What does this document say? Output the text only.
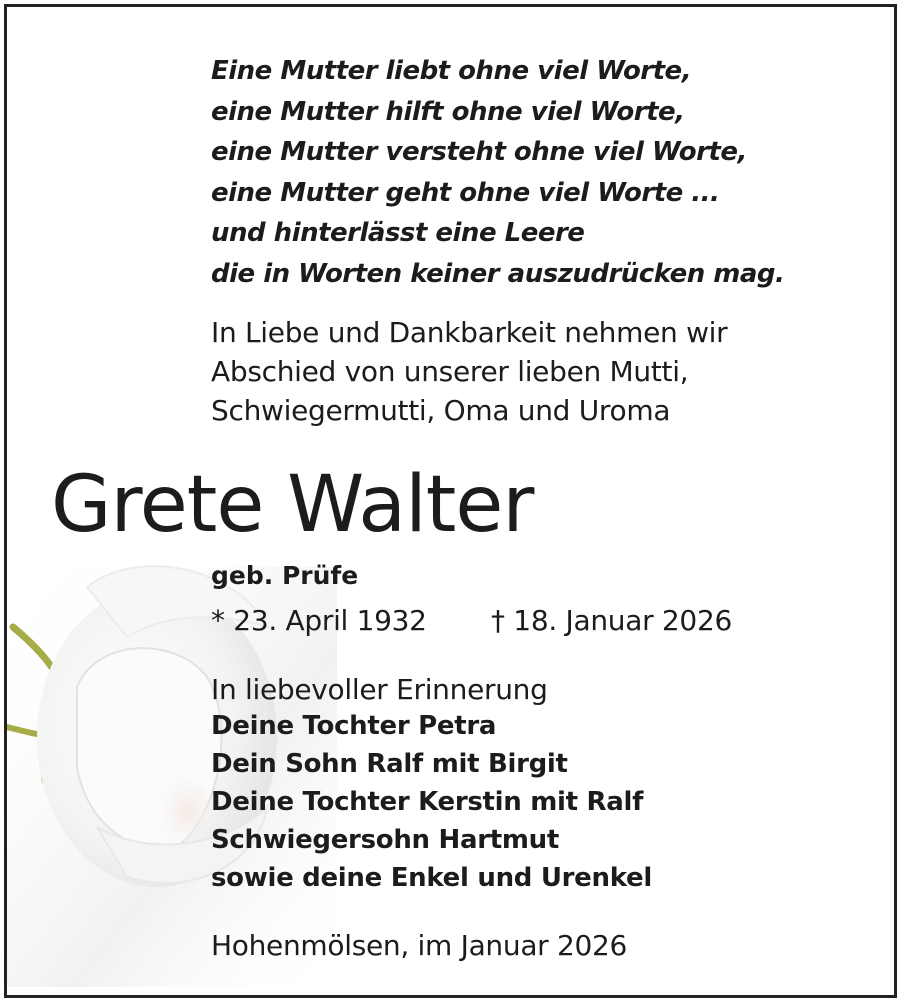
Eine Mutter liebt ohne viel Worte,
eine Mutter hilft ohne viel Worte,
eine Mutter versteht ohne viel Worte,
eine Mutter geht ohne viel Worte ...
und hinterlässt eine Leere
die in Worten keiner auszudrücken mag.
In Liebe und Dankbarkeit nehmen wir
Abschied von unserer lieben Mutti,
Schwiegermutti, Oma und Uroma
Grete Walter
geb. Prüfe
* 23. April 1932 † 18. Januar 2026
In liebevoller Erinnerung
Deine Tochter Petra
Dein Sohn Ralf mit Birgit
Deine Tochter Kerstin mit Ralf
Schwiegersohn Hartmut
sowie deine Enkel und Urenkel
Hohenmölsen, im Januar 2026
